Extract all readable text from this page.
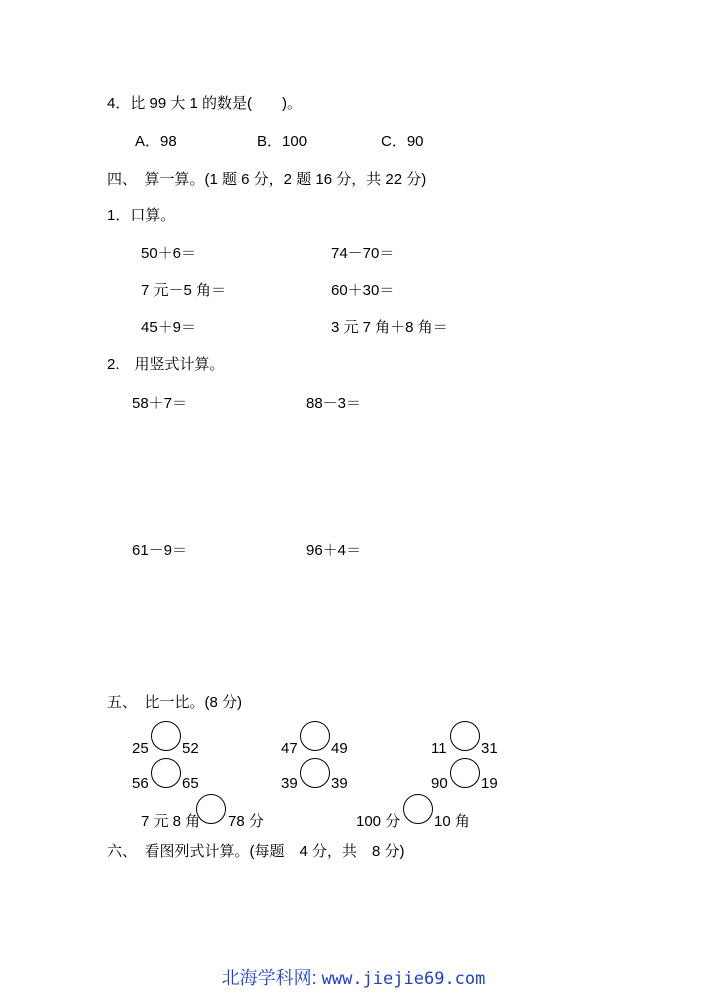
4．比 99 大 1 的数是(　　)。
A．98	B．100	C．90
四、　算一算。(1 题 6 分，2 题 16 分，共 22 分)
1．口算。
50＋6＝	74－70＝
7 元－5 角＝	60＋30＝
45＋9＝	3 元 7 角＋8 角＝
2.　用竖式计算。
58＋7＝	88－3＝
61－9＝	96＋4＝
五、　比一比。(8 分)
25 52	47 49	11 31
56 65	39 39	90 19
7 元 8 角 78 分	100 分 10 角
六、　看图列式计算。(每题　4 分，共　8 分)
北海学科网: www.jiejie69.com
